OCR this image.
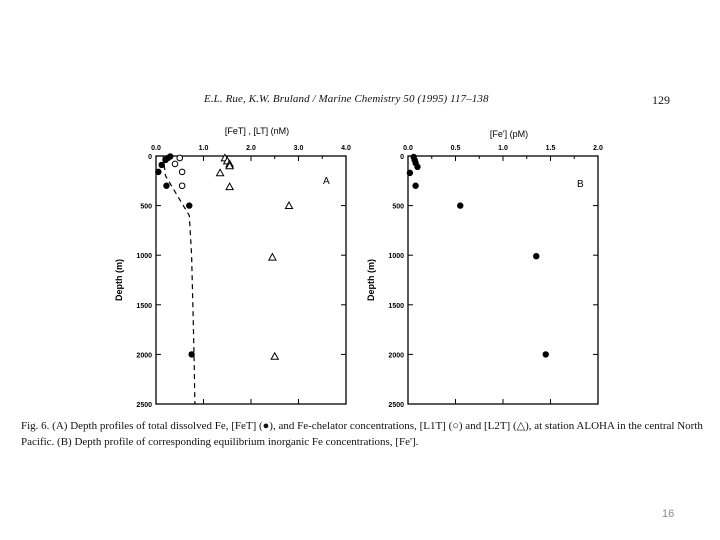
E.L. Rue, K.W. Bruland / Marine Chemistry 50 (1995) 117–138	129
0.0	1.0	2.0	3.0	4.0
0
500
1000
1500
2000
2500
[FeT] , [LT] (nM)
Depth (m)
A
0.0	0.5	1.0	1.5	2.0
0
500
1000
1500
2000
2500
[Fe'] (pM)
Depth (m)
B
Fig. 6. (A) Depth profiles of total dissolved Fe, [FeT] (●), and Fe-chelator concentrations, [L1T] (○) and [L2T] (△), at station ALOHA in the central North Pacific. (B) Depth profile of corresponding equilibrium inorganic Fe concentrations, [Fe'].
16
